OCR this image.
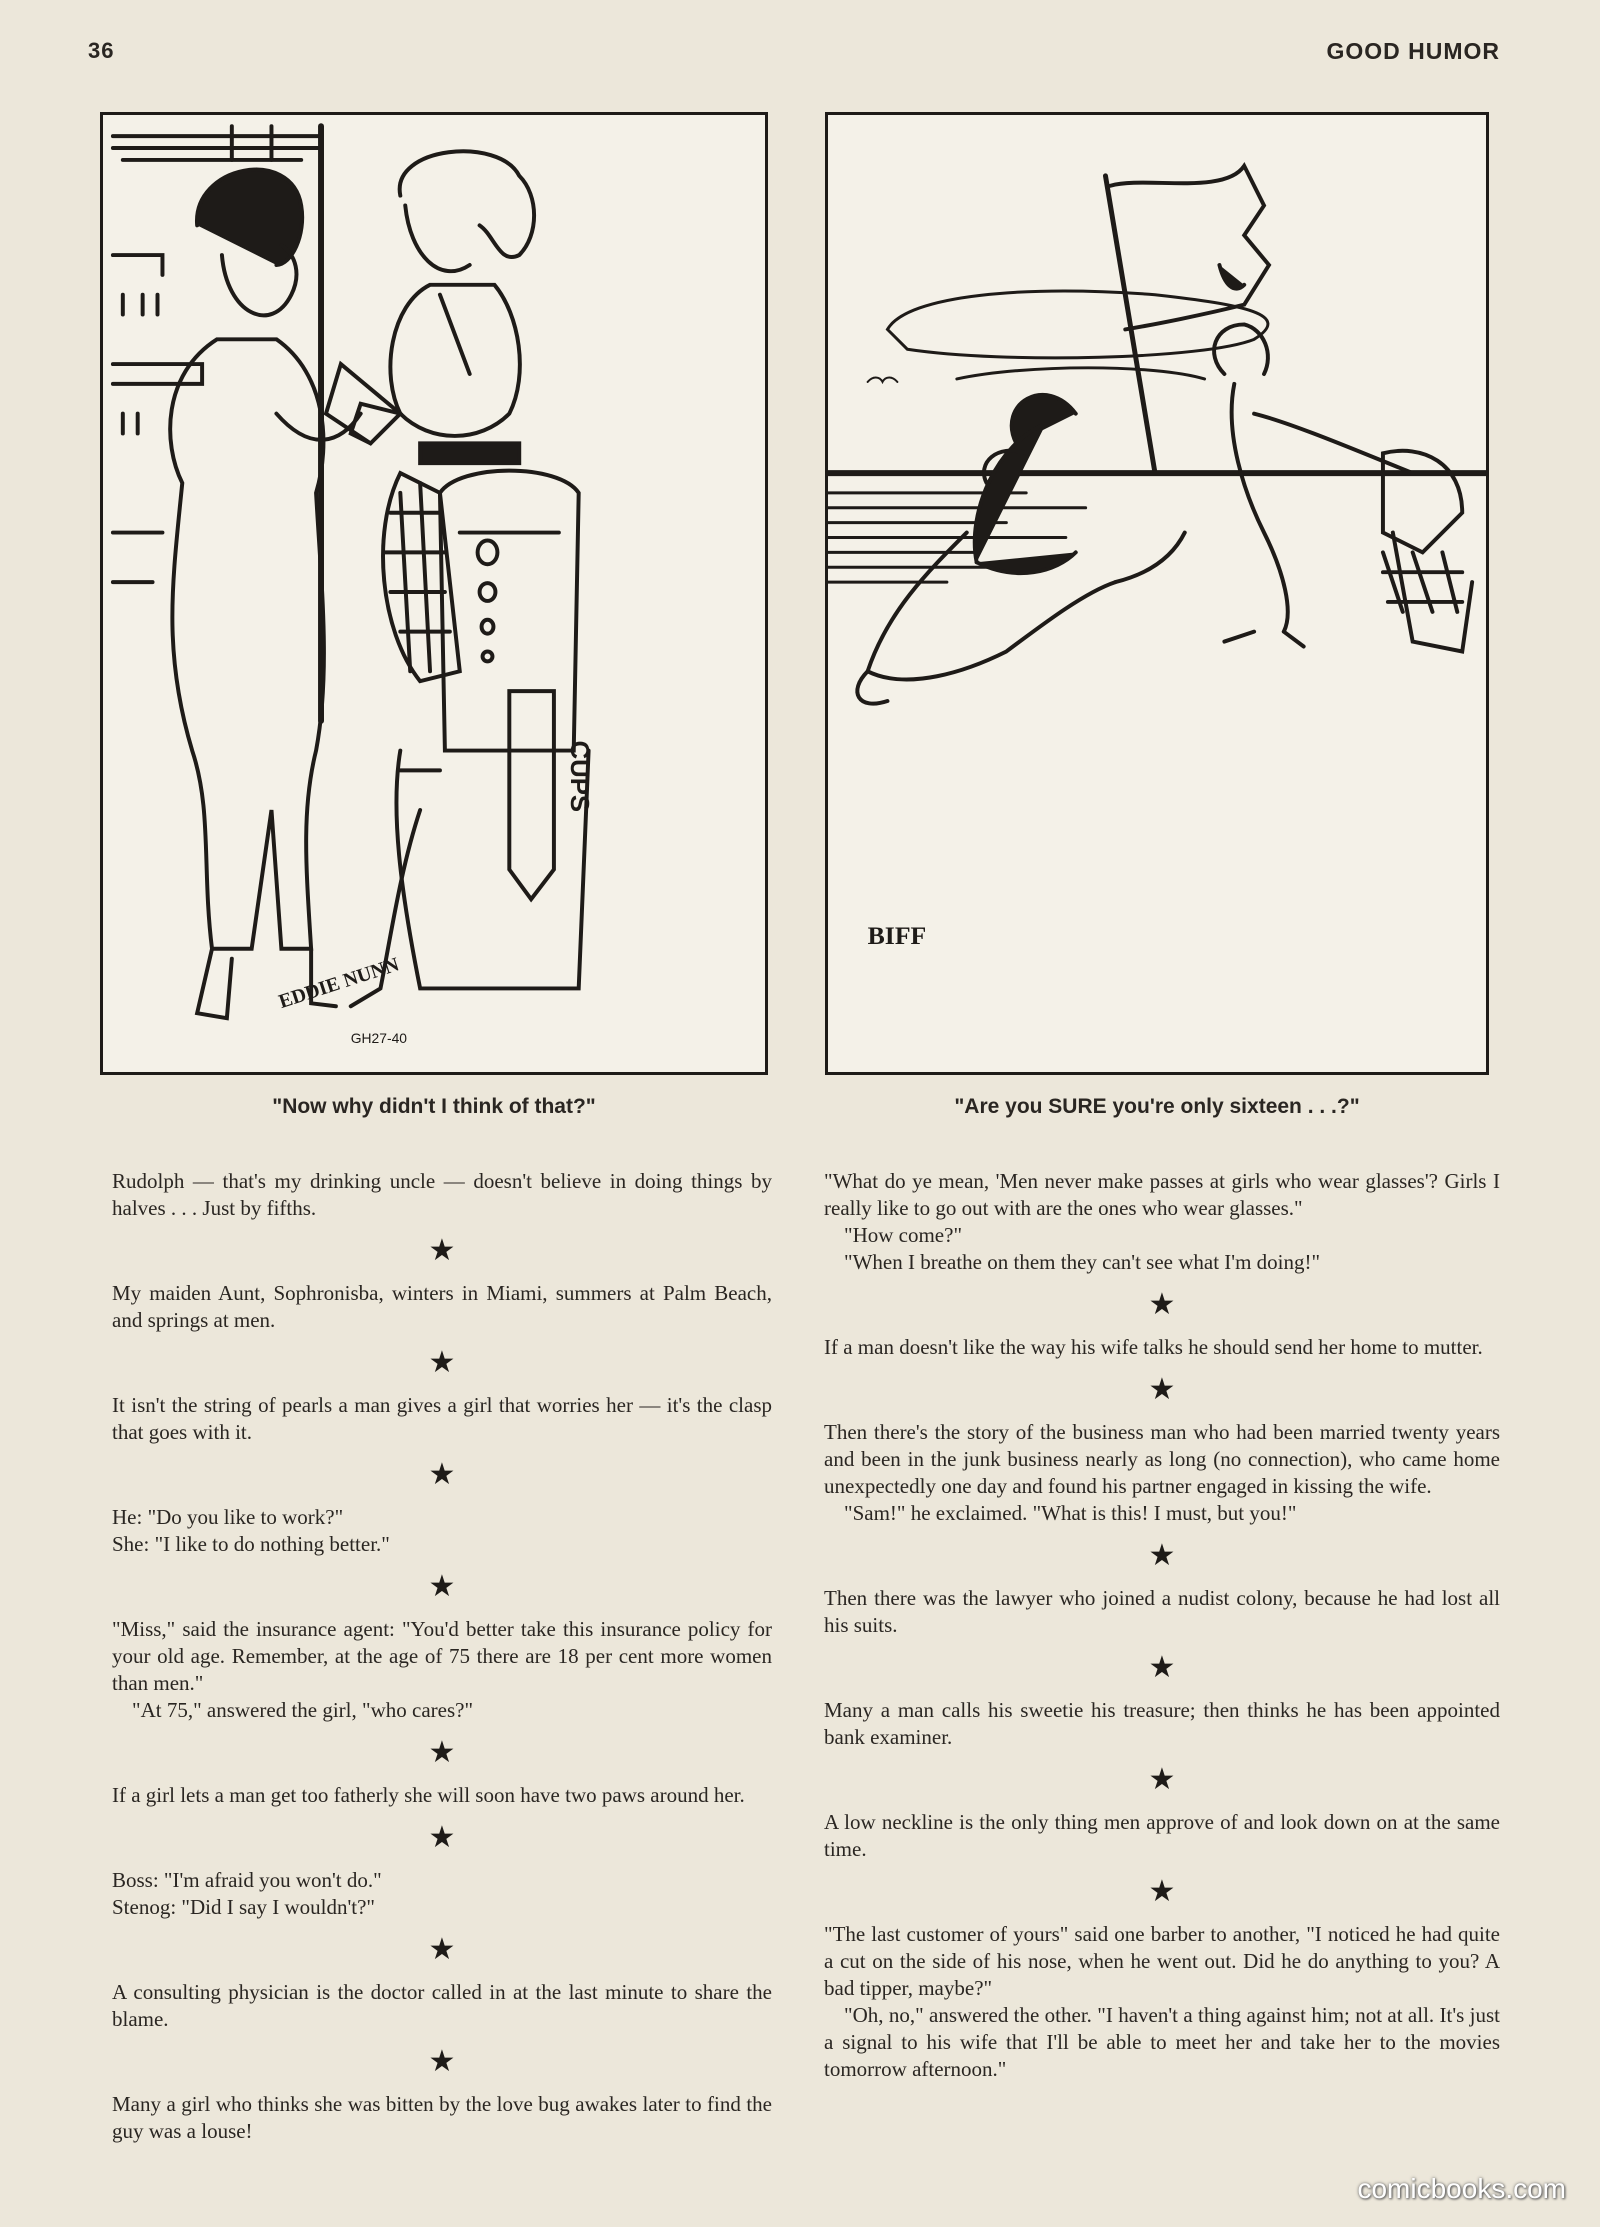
36	GOOD HUMOR
CUPS
EDDIE NUNN
GH27-40
"Now why didn't I think of that?"
BIFF
"Are you SURE you're only sixteen . . .?"

Rudolph — that's my drinking uncle — doesn't believe in doing things by halves . . . Just by fifths.

★

My maiden Aunt, Sophronisba, winters in Miami, summers at Palm Beach, and springs at men.

★

It isn't the string of pearls a man gives a girl that worries her — it's the clasp that goes with it.

★

He: "Do you like to work?"

She: "I like to do nothing better."

★

"Miss," said the insurance agent: "You'd better take this insurance policy for your old age. Remember, at the age of 75 there are 18 per cent more women than men."

"At 75," answered the girl, "who cares?"

★

If a girl lets a man get too fatherly she will soon have two paws around her.

★

Boss: "I'm afraid you won't do."

Stenog: "Did I say I wouldn't?"

★

A consulting physician is the doctor called in at the last minute to share the blame.

★

Many a girl who thinks she was bitten by the love bug awakes later to find the guy was a louse!

"What do ye mean, 'Men never make passes at girls who wear glasses'? Girls I really like to go out with are the ones who wear glasses."

"How come?"

"When I breathe on them they can't see what I'm doing!"

★

If a man doesn't like the way his wife talks he should send her home to mutter.

★

Then there's the story of the business man who had been married twenty years and been in the junk business nearly as long (no connection), who came home unexpectedly one day and found his partner engaged in kissing the wife.

"Sam!" he exclaimed. "What is this! I must, but you!"

★

Then there was the lawyer who joined a nudist colony, because he had lost all his suits.

★

Many a man calls his sweetie his treasure; then thinks he has been appointed bank examiner.

★

A low neckline is the only thing men approve of and look down on at the same time.

★

"The last customer of yours" said one barber to another, "I noticed he had quite a cut on the side of his nose, when he went out. Did he do anything to you? A bad tipper, maybe?"

"Oh, no," answered the other. "I haven't a thing against him; not at all. It's just a signal to his wife that I'll be able to meet her and take her to the movies tomorrow afternoon."

comicbooks.com
